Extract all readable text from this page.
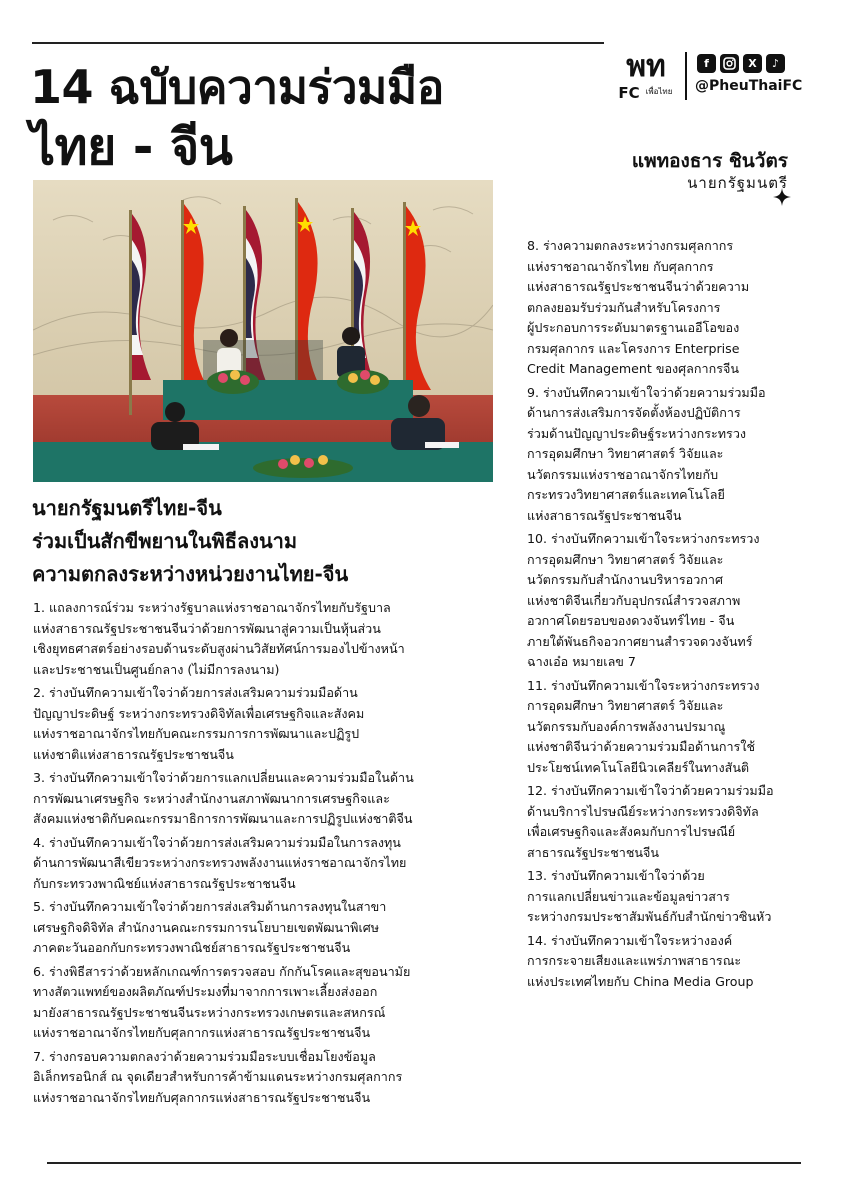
14 ฉบับความร่วมมือ
ไทย - จีน
พท
FC เพื่อไทย
f	X	♪
@PheuThaiFC
แพทองธาร ชินวัตร
นายกรัฐมนตรี
นายกรัฐมนตรีไทย-จีน
ร่วมเป็นสักขีพยานในพิธีลงนาม
ความตกลงระหว่างหน่วยงานไทย-จีน
1. แถลงการณ์ร่วม ระหว่างรัฐบาลแห่งราชอาณาจักรไทยกับรัฐบาล
แห่งสาธารณรัฐประชาชนจีนว่าด้วยการพัฒนาสู่ความเป็นหุ้นส่วน
เชิงยุทธศาสตร์อย่างรอบด้านระดับสูงผ่านวิสัยทัศน์การมองไปข้างหน้า
และประชาชนเป็นศูนย์กลาง (ไม่มีการลงนาม)
2. ร่างบันทึกความเข้าใจว่าด้วยการส่งเสริมความร่วมมือด้าน
ปัญญาประดิษฐ์ ระหว่างกระทรวงดิจิทัลเพื่อเศรษฐกิจและสังคม
แห่งราชอาณาจักรไทยกับคณะกรรมการการพัฒนาและปฏิรูป
แห่งชาติแห่งสาธารณรัฐประชาชนจีน
3. ร่างบันทึกความเข้าใจว่าด้วยการแลกเปลี่ยนและความร่วมมือในด้าน
การพัฒนาเศรษฐกิจ ระหว่างสำนักงานสภาพัฒนาการเศรษฐกิจและ
สังคมแห่งชาติกับคณะกรรมาธิการการพัฒนาและการปฏิรูปแห่งชาติจีน
4. ร่างบันทึกความเข้าใจว่าด้วยการส่งเสริมความร่วมมือในการลงทุน
ด้านการพัฒนาสีเขียวระหว่างกระทรวงพลังงานแห่งราชอาณาจักรไทย
กับกระทรวงพาณิชย์แห่งสาธารณรัฐประชาชนจีน
5. ร่างบันทึกความเข้าใจว่าด้วยการส่งเสริมด้านการลงทุนในสาขา
เศรษฐกิจดิจิทัล สำนักงานคณะกรรมการนโยบายเขตพัฒนาพิเศษ
ภาคตะวันออกกับกระทรวงพาณิชย์สาธารณรัฐประชาชนจีน
6. ร่างพิธีสารว่าด้วยหลักเกณฑ์การตรวจสอบ กักกันโรคและสุขอนามัย
ทางสัตวแพทย์ของผลิตภัณฑ์ประมงที่มาจากการเพาะเลี้ยงส่งออก
มายังสาธารณรัฐประชาชนจีนระหว่างกระทรวงเกษตรและสหกรณ์
แห่งราชอาณาจักรไทยกับศุลกากรแห่งสาธารณรัฐประชาชนจีน
7. ร่างกรอบความตกลงว่าด้วยความร่วมมือระบบเชื่อมโยงข้อมูล
อิเล็กทรอนิกส์ ณ จุดเดียวสำหรับการค้าข้ามแดนระหว่างกรมศุลกากร
แห่งราชอาณาจักรไทยกับศุลกากรแห่งสาธารณรัฐประชาชนจีน
8. ร่างความตกลงระหว่างกรมศุลกากร
แห่งราชอาณาจักรไทย กับศุลกากร
แห่งสาธารณรัฐประชาชนจีนว่าด้วยความ
ตกลงยอมรับร่วมกันสำหรับโครงการ
ผู้ประกอบการระดับมาตรฐานเออีโอของ
กรมศุลกากร และโครงการ Enterprise
Credit Management ของศุลกากรจีน
9. ร่างบันทึกความเข้าใจว่าด้วยความร่วมมือ
ด้านการส่งเสริมการจัดตั้งห้องปฏิบัติการ
ร่วมด้านปัญญาประดิษฐ์ระหว่างกระทรวง
การอุดมศึกษา วิทยาศาสตร์ วิจัยและ
นวัตกรรมแห่งราชอาณาจักรไทยกับ
กระทรวงวิทยาศาสตร์และเทคโนโลยี
แห่งสาธารณรัฐประชาชนจีน
10. ร่างบันทึกความเข้าใจระหว่างกระทรวง
การอุดมศึกษา วิทยาศาสตร์ วิจัยและ
นวัตกรรมกับสำนักงานบริหารอวกาศ
แห่งชาติจีนเกี่ยวกับอุปกรณ์สำรวจสภาพ
อวกาศโดยรอบของดวงจันทร์ไทย - จีน
ภายใต้พันธกิจอวกาศยานสำรวจดวงจันทร์
ฉางเอ๋อ หมายเลข 7
11. ร่างบันทึกความเข้าใจระหว่างกระทรวง
การอุดมศึกษา วิทยาศาสตร์ วิจัยและ
นวัตกรรมกับองค์การพลังงานปรมาณู
แห่งชาติจีนว่าด้วยความร่วมมือด้านการใช้
ประโยชน์เทคโนโลยีนิวเคลียร์ในทางสันติ
12. ร่างบันทึกความเข้าใจว่าด้วยความร่วมมือ
ด้านบริการไปรษณีย์ระหว่างกระทรวงดิจิทัล
เพื่อเศรษฐกิจและสังคมกับการไปรษณีย์
สาธารณรัฐประชาชนจีน
13. ร่างบันทึกความเข้าใจว่าด้วย
การแลกเปลี่ยนข่าวและข้อมูลข่าวสาร
ระหว่างกรมประชาสัมพันธ์กับสำนักข่าวซินหัว
14. ร่างบันทึกความเข้าใจระหว่างองค์
การกระจายเสียงและแพร่ภาพสาธารณะ
แห่งประเทศไทยกับ China Media Group
